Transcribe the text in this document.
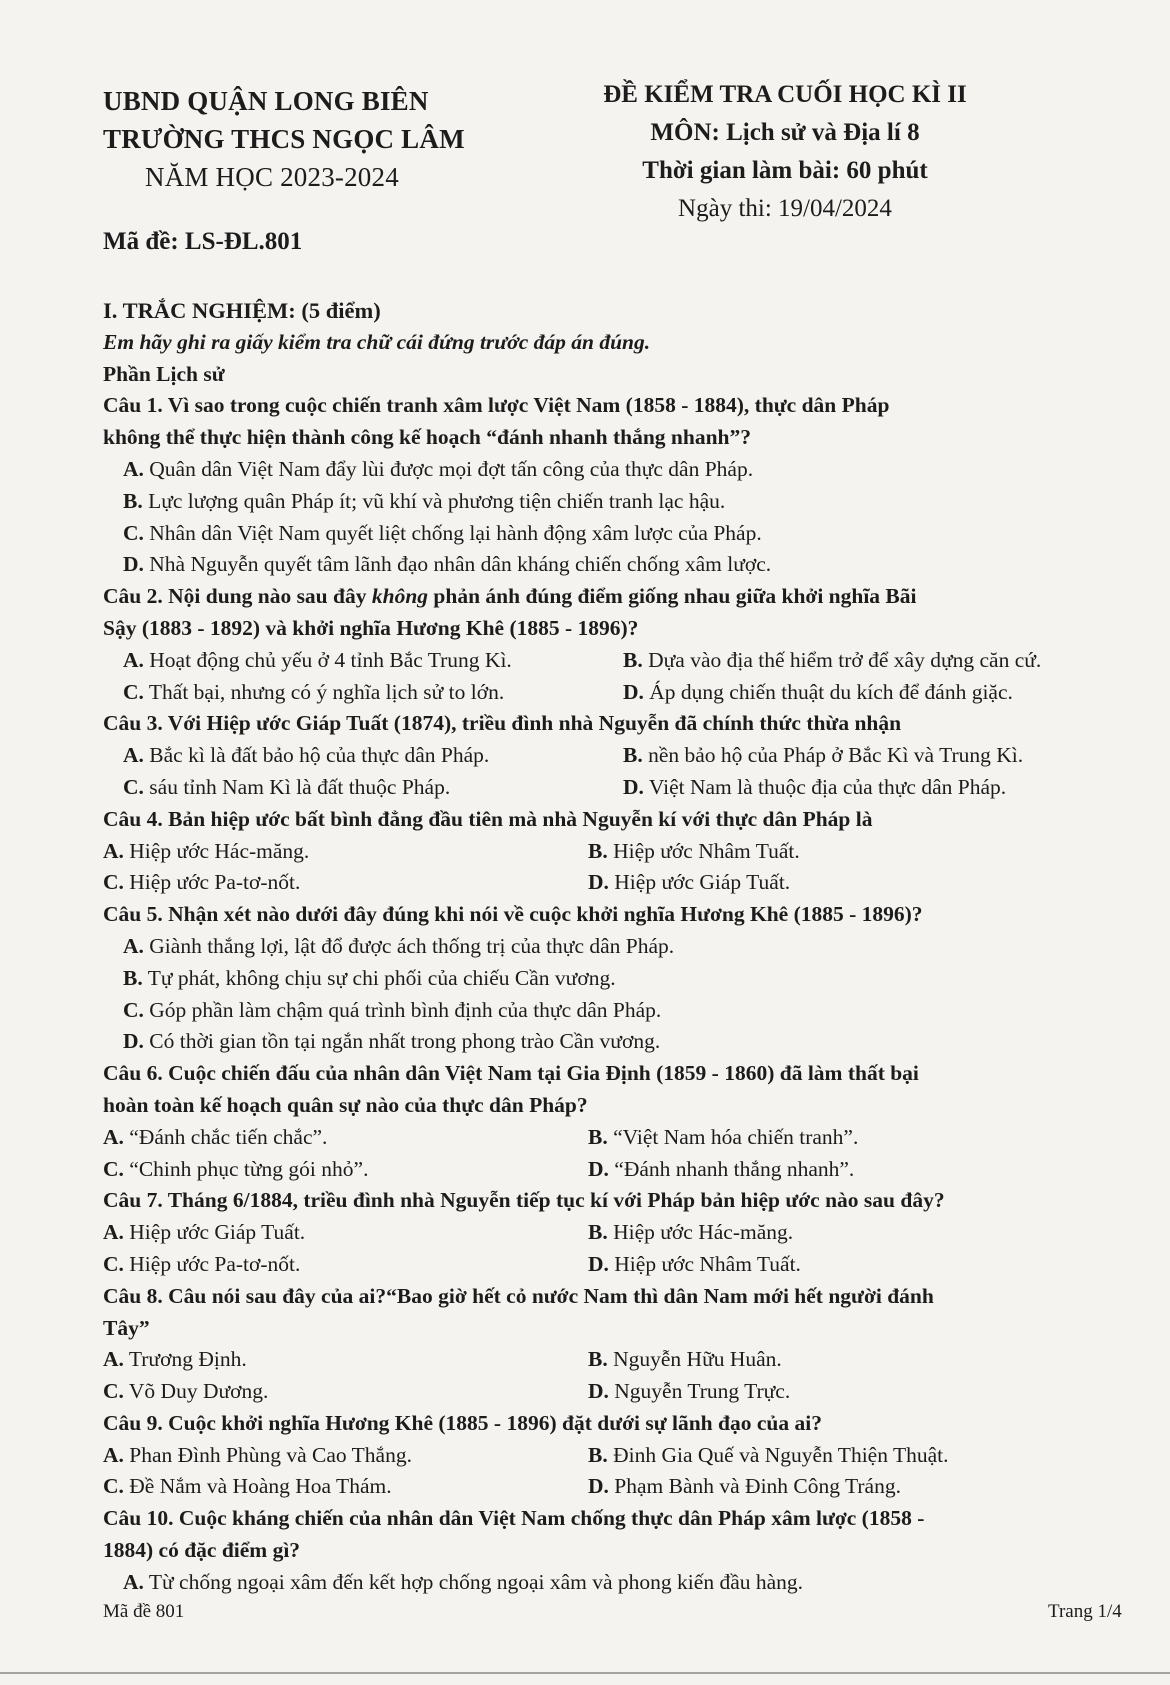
UBND QUẬN LONG BIÊN
TRƯỜNG THCS NGỌC LÂM
NĂM HỌC 2023-2024
ĐỀ KIỂM TRA CUỐI HỌC KÌ II
MÔN: Lịch sử và Địa lí 8
Thời gian làm bài: 60 phút
Ngày thi: 19/04/2024
Mã đề: LS-ĐL.801
I. TRẮC NGHIỆM: (5 điểm)
Em hãy ghi ra giấy kiểm tra chữ cái đứng trước đáp án đúng.
Phần Lịch sử
Câu 1. Vì sao trong cuộc chiến tranh xâm lược Việt Nam (1858 - 1884), thực dân Pháp
không thể thực hiện thành công kế hoạch “đánh nhanh thắng nhanh”?
A. Quân dân Việt Nam đẩy lùi được mọi đợt tấn công của thực dân Pháp.
B. Lực lượng quân Pháp ít; vũ khí và phương tiện chiến tranh lạc hậu.
C. Nhân dân Việt Nam quyết liệt chống lại hành động xâm lược của Pháp.
D. Nhà Nguyễn quyết tâm lãnh đạo nhân dân kháng chiến chống xâm lược.
Câu 2. Nội dung nào sau đây không phản ánh đúng điểm giống nhau giữa khởi nghĩa Bãi
Sậy (1883 - 1892) và khởi nghĩa Hương Khê (1885 - 1896)?
A. Hoạt động chủ yếu ở 4 tỉnh Bắc Trung Kì.	B. Dựa vào địa thế hiểm trở để xây dựng căn cứ.
C. Thất bại, nhưng có ý nghĩa lịch sử to lớn.	D. Áp dụng chiến thuật du kích để đánh giặc.
Câu 3. Với Hiệp ước Giáp Tuất (1874), triều đình nhà Nguyễn đã chính thức thừa nhận
A. Bắc kì là đất bảo hộ của thực dân Pháp.	B. nền bảo hộ của Pháp ở Bắc Kì và Trung Kì.
C. sáu tỉnh Nam Kì là đất thuộc Pháp.	D. Việt Nam là thuộc địa của thực dân Pháp.
Câu 4. Bản hiệp ước bất bình đẳng đầu tiên mà nhà Nguyễn kí với thực dân Pháp là
A. Hiệp ước Hác-măng.	B. Hiệp ước Nhâm Tuất.
C. Hiệp ước Pa-tơ-nốt.	D. Hiệp ước Giáp Tuất.
Câu 5. Nhận xét nào dưới đây đúng khi nói về cuộc khởi nghĩa Hương Khê (1885 - 1896)?
A. Giành thắng lợi, lật đổ được ách thống trị của thực dân Pháp.
B. Tự phát, không chịu sự chi phối của chiếu Cần vương.
C. Góp phần làm chậm quá trình bình định của thực dân Pháp.
D. Có thời gian tồn tại ngắn nhất trong phong trào Cần vương.
Câu 6. Cuộc chiến đấu của nhân dân Việt Nam tại Gia Định (1859 - 1860) đã làm thất bại
hoàn toàn kế hoạch quân sự nào của thực dân Pháp?
A. “Đánh chắc tiến chắc”.	B. “Việt Nam hóa chiến tranh”.
C. “Chinh phục từng gói nhỏ”.	D. “Đánh nhanh thắng nhanh”.
Câu 7. Tháng 6/1884, triều đình nhà Nguyễn tiếp tục kí với Pháp bản hiệp ước nào sau đây?
A. Hiệp ước Giáp Tuất.	B. Hiệp ước Hác-măng.
C. Hiệp ước Pa-tơ-nốt.	D. Hiệp ước Nhâm Tuất.
Câu 8. Câu nói sau đây của ai?“Bao giờ hết cỏ nước Nam thì dân Nam mới hết người đánh
Tây”
A. Trương Định.	B. Nguyễn Hữu Huân.
C. Võ Duy Dương.	D. Nguyễn Trung Trực.
Câu 9. Cuộc khởi nghĩa Hương Khê (1885 - 1896) đặt dưới sự lãnh đạo của ai?
A. Phan Đình Phùng và Cao Thắng.	B. Đinh Gia Quế và Nguyễn Thiện Thuật.
C. Đề Nắm và Hoàng Hoa Thám.	D. Phạm Bành và Đinh Công Tráng.
Câu 10. Cuộc kháng chiến của nhân dân Việt Nam chống thực dân Pháp xâm lược (1858 -
1884) có đặc điểm gì?
A. Từ chống ngoại xâm đến kết hợp chống ngoại xâm và phong kiến đầu hàng.
Mã đề 801	Trang 1/4
